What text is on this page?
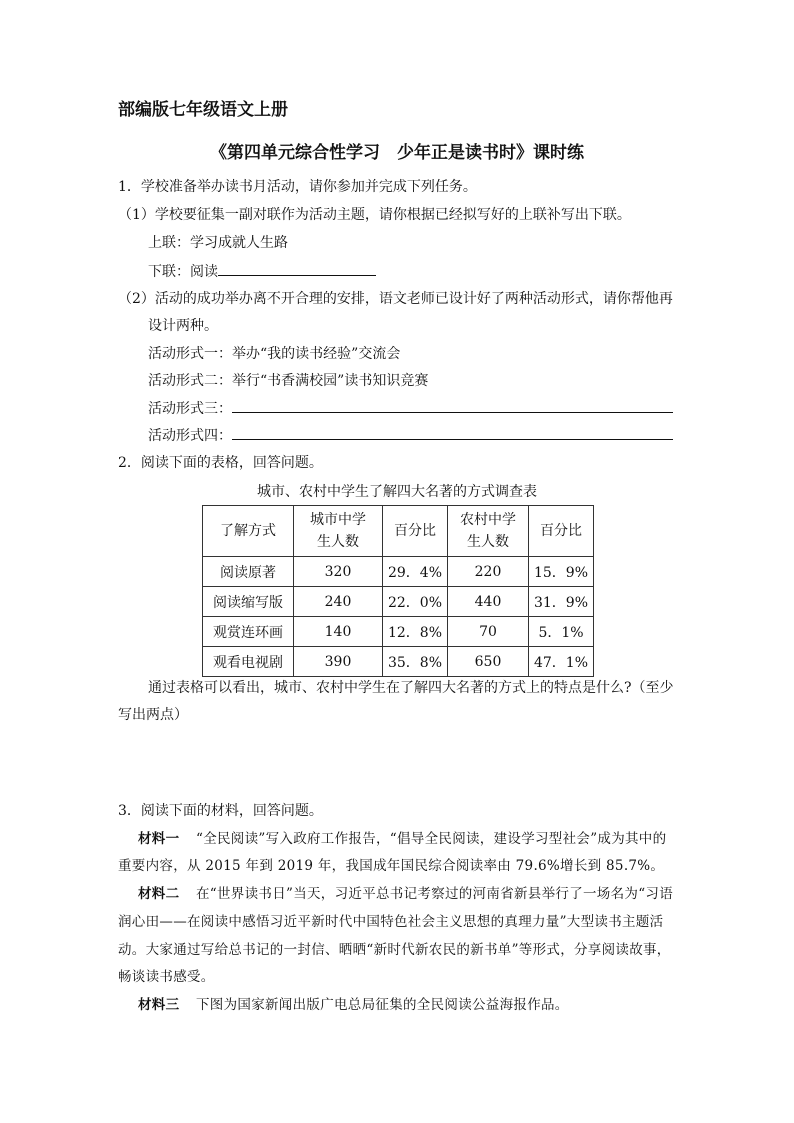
部编版七年级语文上册
《第四单元综合性学习　少年正是读书时》课时练
1．学校准备举办读书月活动，请你参加并完成下列任务。
（1）学校要征集一副对联作为活动主题，请你根据已经拟写好的上联补写出下联。
上联：学习成就人生路
下联：阅读
（2）活动的成功举办离不开合理的安排，语文老师已设计好了两种活动形式，请你帮他再
设计两种。
活动形式一：举办“我的读书经验”交流会
活动形式二：举行“书香满校园”读书知识竞赛
活动形式三：
活动形式四：
2．阅读下面的表格，回答问题。
城市、农村中学生了解四大名著的方式调查表
了解方式	城市中学生人数	百分比	农村中学生人数	百分比
阅读原著	320	29．4%	220	15．9%
阅读缩写版	240	22．0%	440	31．9%
观赏连环画	140	12．8%	70	5．1%
观看电视剧	390	35．8%	650	47．1%
通过表格可以看出，城市、农村中学生在了解四大名著的方式上的特点是什么?（至少
写出两点）
3．阅读下面的材料，回答问题。
材料一 “全民阅读”写入政府工作报告，“倡导全民阅读，建设学习型社会”成为其中的
重要内容，从 2015 年到 2019 年，我国成年国民综合阅读率由 79.6%增长到 85.7%。
材料二 在“世界读书日”当天，习近平总书记考察过的河南省新县举行了一场名为“习语
润心田——在阅读中感悟习近平新时代中国特色社会主义思想的真理力量”大型读书主题活
动。大家通过写给总书记的一封信、晒晒“新时代新农民的新书单”等形式，分享阅读故事，
畅谈读书感受。
材料三 下图为国家新闻出版广电总局征集的全民阅读公益海报作品。
